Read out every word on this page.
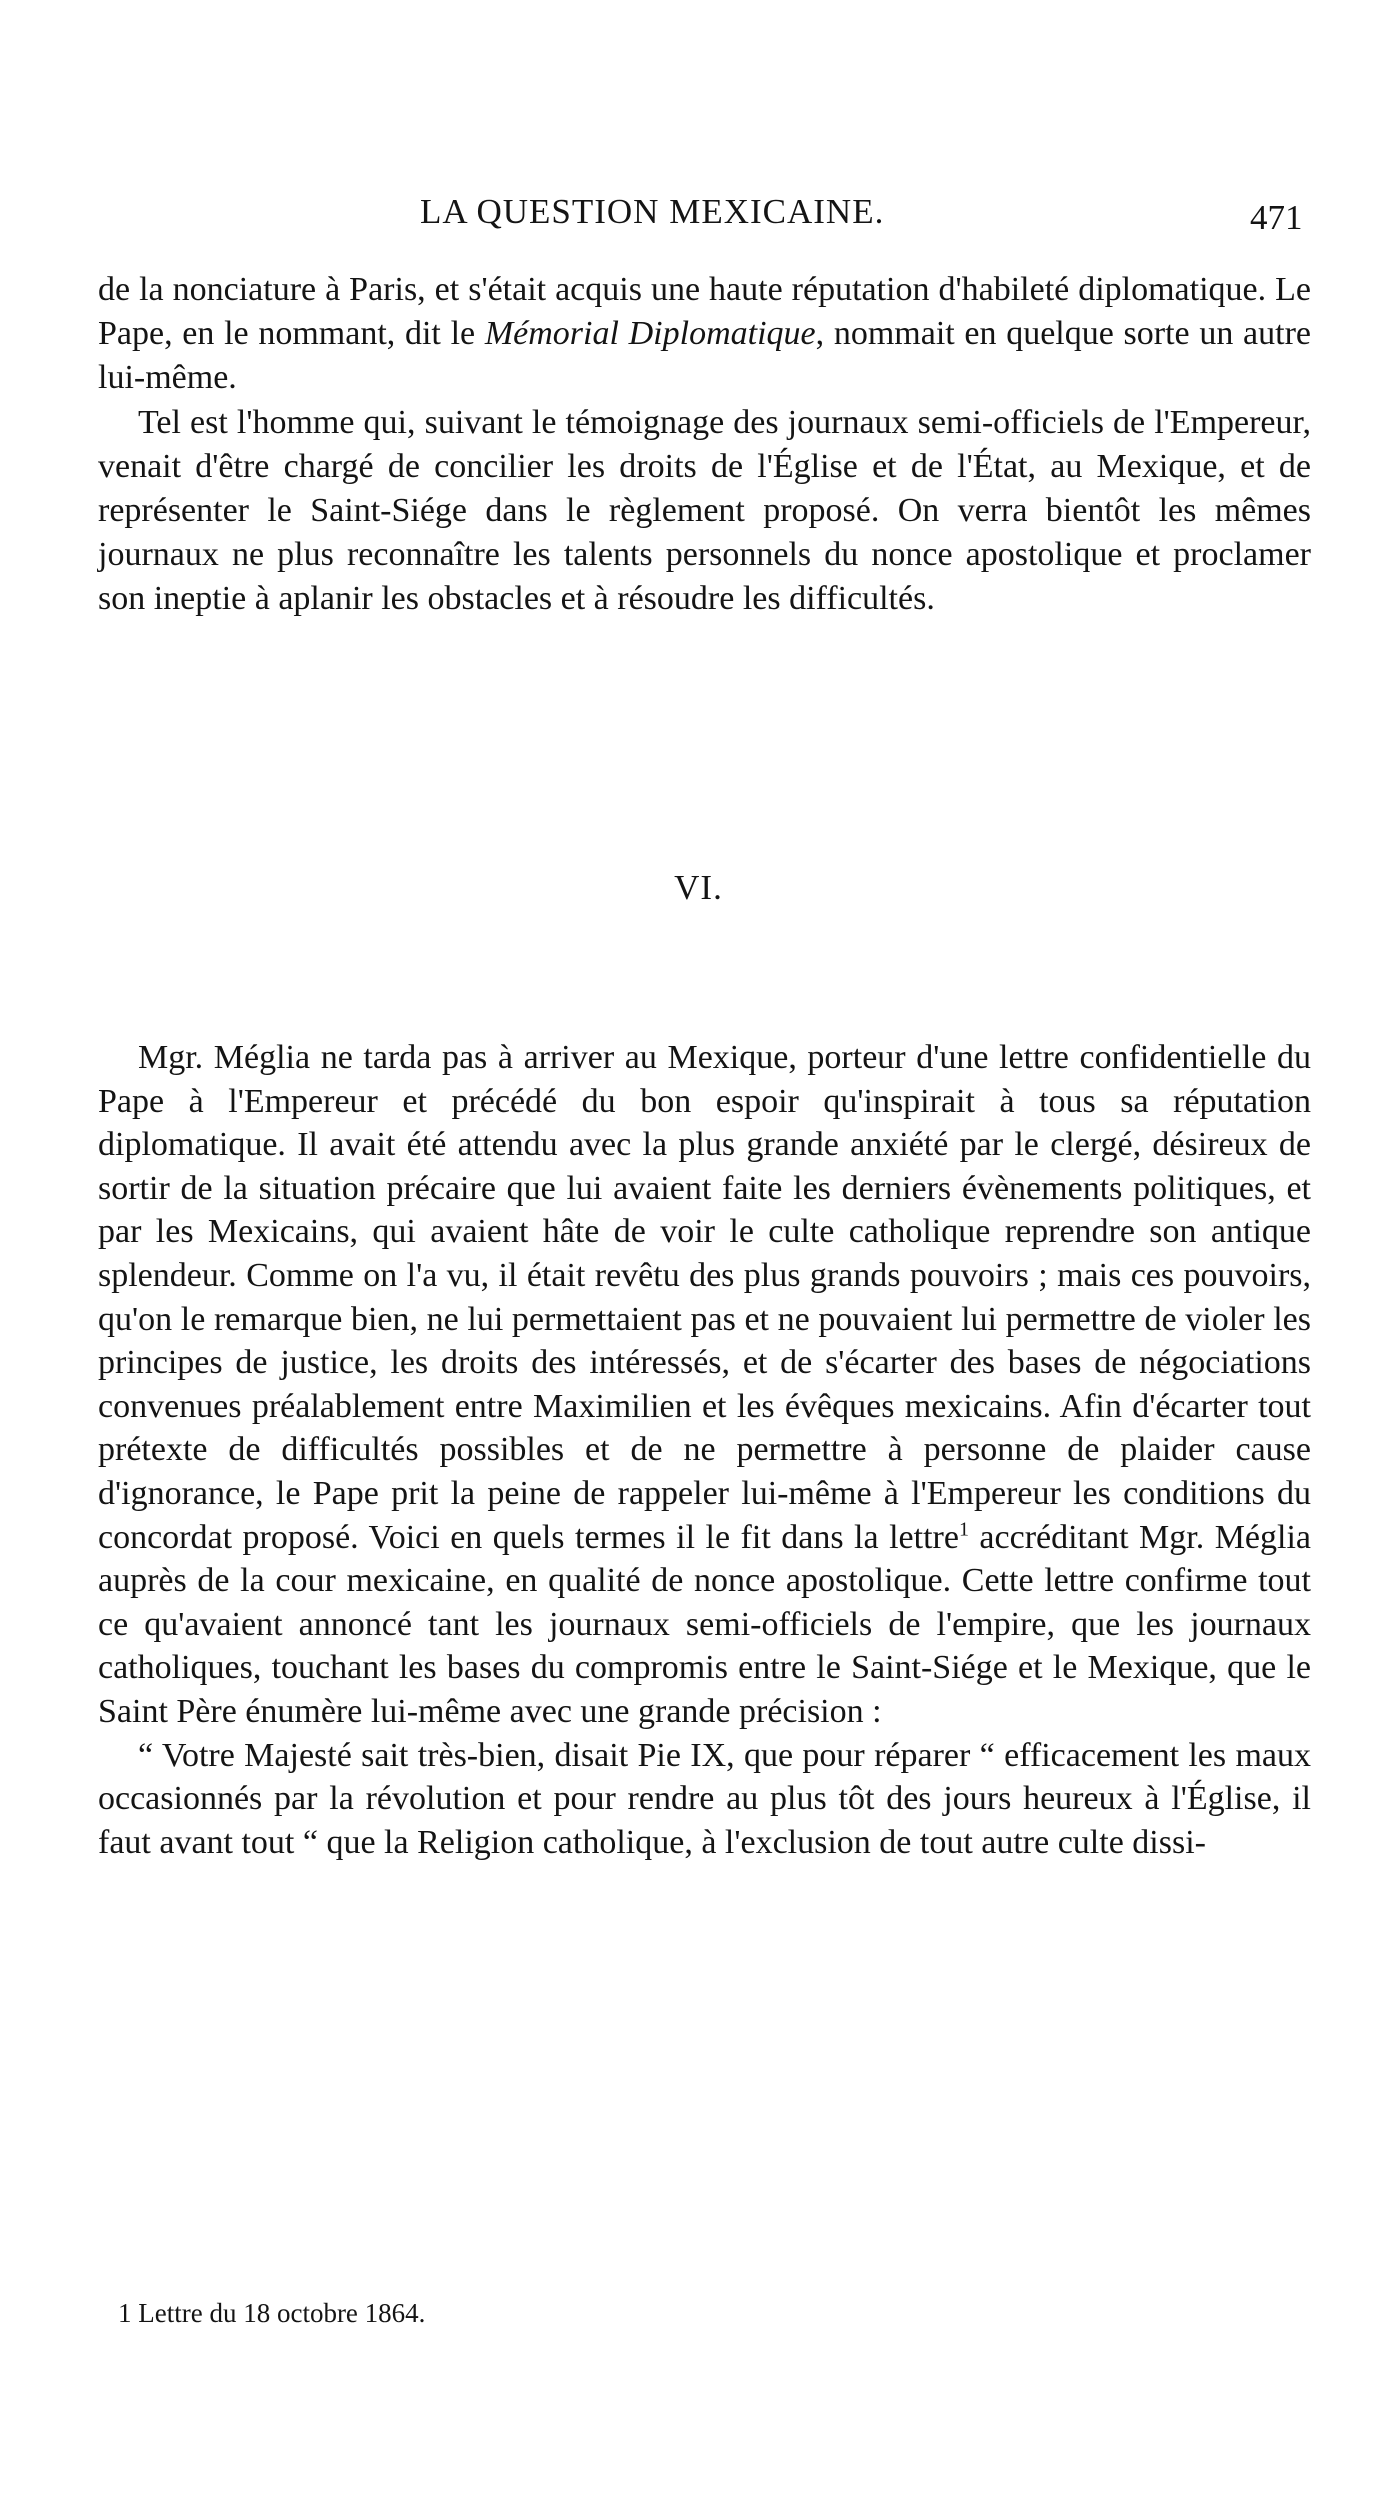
LA QUESTION MEXICAINE.	471

de la nonciature à Paris, et s'était acquis une haute réputation d'habileté diplomatique. Le Pape, en le nommant, dit le Mémorial Diplomatique, nommait en quelque sorte un autre lui-même.

Tel est l'homme qui, suivant le témoignage des journaux semi-officiels de l'Empereur, venait d'être chargé de concilier les droits de l'Église et de l'État, au Mexique, et de représenter le Saint-Siége dans le règlement proposé. On verra bientôt les mêmes journaux ne plus reconnaître les talents personnels du nonce apostolique et proclamer son ineptie à aplanir les obstacles et à résoudre les difficultés.

VI.

Mgr. Méglia ne tarda pas à arriver au Mexique, porteur d'une lettre confidentielle du Pape à l'Empereur et précédé du bon espoir qu'inspirait à tous sa réputation diplomatique. Il avait été attendu avec la plus grande anxiété par le clergé, désireux de sortir de la situation précaire que lui avaient faite les derniers évènements politiques, et par les Mexicains, qui avaient hâte de voir le culte catholique reprendre son antique splendeur. Comme on l'a vu, il était revêtu des plus grands pouvoirs ; mais ces pouvoirs, qu'on le remarque bien, ne lui permettaient pas et ne pouvaient lui permettre de violer les principes de justice, les droits des intéressés, et de s'écarter des bases de négociations convenues préalablement entre Maximilien et les évêques mexicains. Afin d'écarter tout prétexte de difficultés possibles et de ne permettre à personne de plaider cause d'ignorance, le Pape prit la peine de rappeler lui-même à l'Empereur les conditions du concordat proposé. Voici en quels termes il le fit dans la lettre$^1$ accréditant Mgr. Méglia auprès de la cour mexicaine, en qualité de nonce apostolique. Cette lettre confirme tout ce qu'avaient annoncé tant les journaux semi-officiels de l'empire, que les journaux catholiques, touchant les bases du compromis entre le Saint-Siége et le Mexique, que le Saint Père énumère lui-même avec une grande précision :

“ Votre Majesté sait très-bien, disait Pie IX, que pour réparer “ efficacement les maux occasionnés par la révolution et pour rendre au plus tôt des jours heureux à l'Église, il faut avant tout “ que la Religion catholique, à l'exclusion de tout autre culte dissi-

1 Lettre du 18 octobre 1864.
